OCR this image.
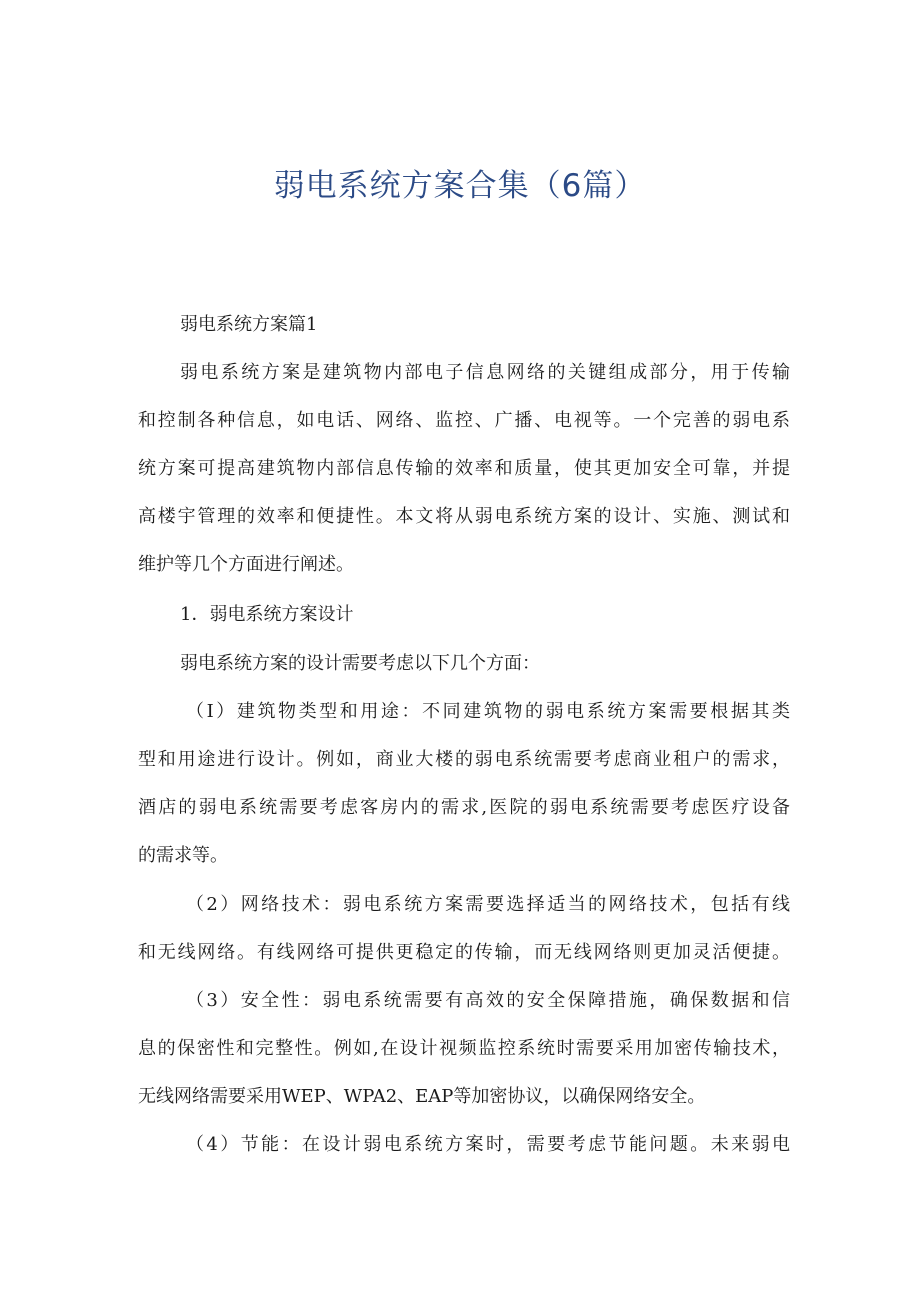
弱电系统方案合集（6篇）
弱电系统方案篇1
弱电系统方案是建筑物内部电子信息网络的关键组成部分，用于传输
和控制各种信息，如电话、网络、监控、广播、电视等。一个完善的弱电系
统方案可提高建筑物内部信息传输的效率和质量，使其更加安全可靠，并提
高楼宇管理的效率和便捷性。本文将从弱电系统方案的设计、实施、测试和
维护等几个方面进行阐述。
1．弱电系统方案设计
弱电系统方案的设计需要考虑以下几个方面：
（I）建筑物类型和用途：不同建筑物的弱电系统方案需要根据其类
型和用途进行设计。例如，商业大楼的弱电系统需要考虑商业租户的需求，
酒店的弱电系统需要考虑客房内的需求,医院的弱电系统需要考虑医疗设备
的需求等。
（2）网络技术：弱电系统方案需要选择适当的网络技术，包括有线
和无线网络。有线网络可提供更稳定的传输，而无线网络则更加灵活便捷。
（3）安全性：弱电系统需要有高效的安全保障措施，确保数据和信
息的保密性和完整性。例如,在设计视频监控系统时需要采用加密传输技术，
无线网络需要采用WEP、WPA2、EAP等加密协议，以确保网络安全。
（4）节能：在设计弱电系统方案时，需要考虑节能问题。未来弱电
